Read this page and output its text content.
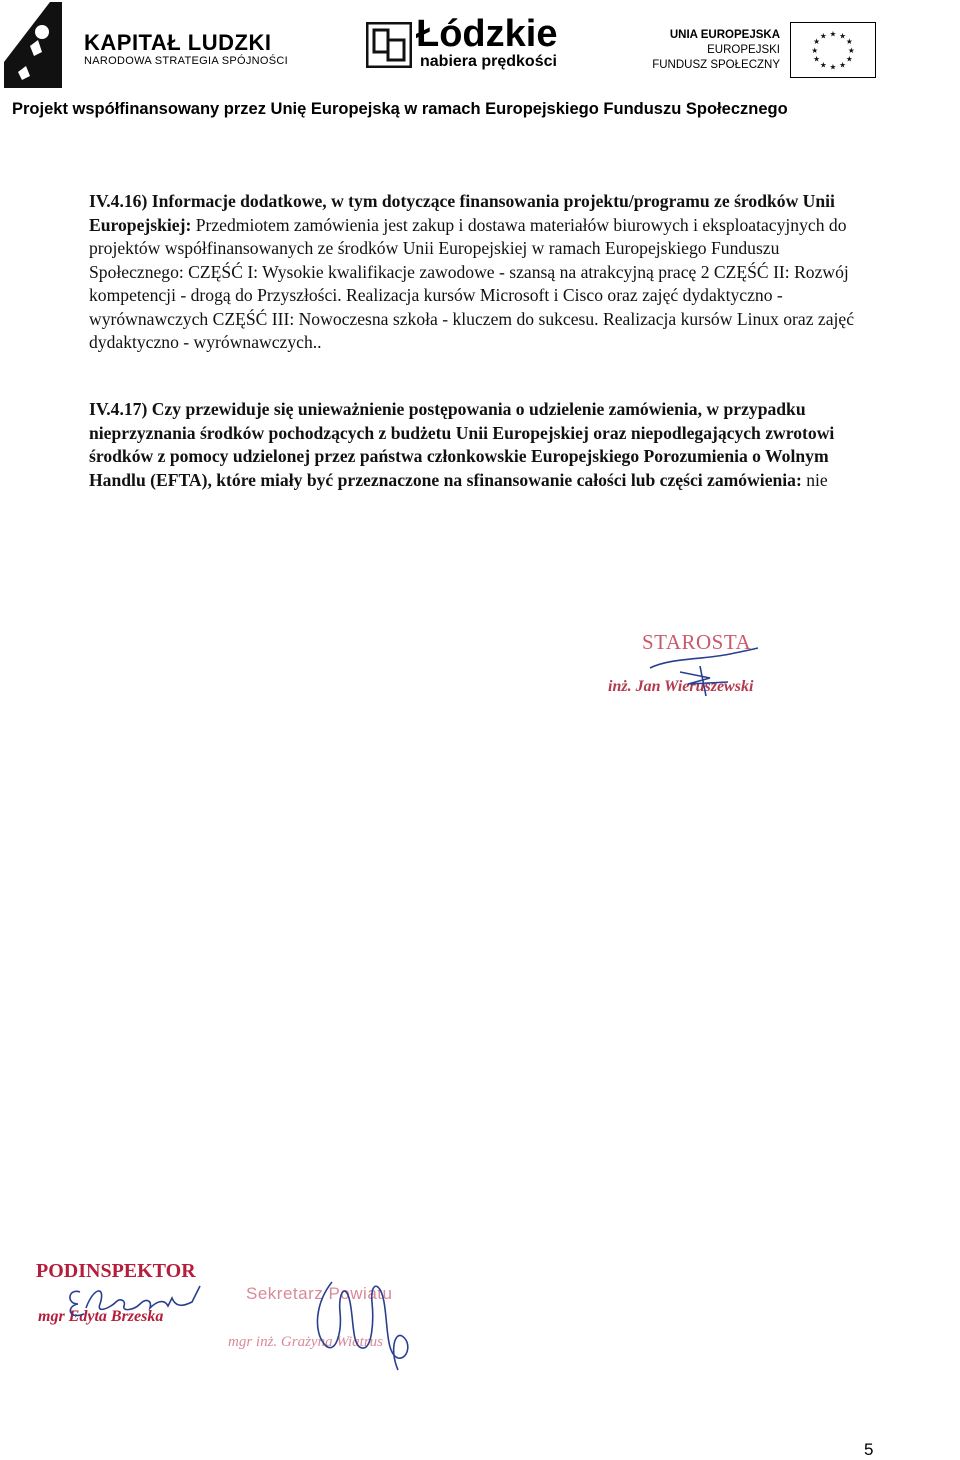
KAPITAŁ LUDZKI
NARODOWA STRATEGIA SPÓJNOŚCI
Łódzkie
nabiera prędkości
UNIA EUROPEJSKA
EUROPEJSKI
FUNDUSZ SPOŁECZNY
★ ★
★
★
★
★
★
★
★
★
★
★
Projekt współfinansowany przez Unię Europejską w ramach Europejskiego Funduszu Społecznego
IV.4.16) Informacje dodatkowe, w tym dotyczące finansowania projektu/programu ze środków Unii Europejskiej: Przedmiotem zamówienia jest zakup i dostawa materiałów biurowych i eksploatacyjnych do projektów współfinansowanych ze środków Unii Europejskiej w ramach Europejskiego Funduszu Społecznego: CZĘŚĆ I: Wysokie kwalifikacje zawodowe - szansą na atrakcyjną pracę 2 CZĘŚĆ II: Rozwój kompetencji - drogą do Przyszłości. Realizacja kursów Microsoft i Cisco oraz zajęć dydaktyczno - wyrównawczych CZĘŚĆ III: Nowoczesna szkoła - kluczem do sukcesu. Realizacja kursów Linux oraz zajęć dydaktyczno - wyrównawczych..
IV.4.17) Czy przewiduje się unieważnienie postępowania o udzielenie zamówienia, w przypadku nieprzyznania środków pochodzących z budżetu Unii Europejskiej oraz niepodlegających zwrotowi środków z pomocy udzielonej przez państwa członkowskie Europejskiego Porozumienia o Wolnym Handlu (EFTA), które miały być przeznaczone na sfinansowanie całości lub części zamówienia: nie
STAROSTA
inż. Jan Wieruszewski
PODINSPEKTOR
mgr Edyta Brzeska
Sekretarz Powiatu
mgr inż. Grażyna Wiatrus
5
